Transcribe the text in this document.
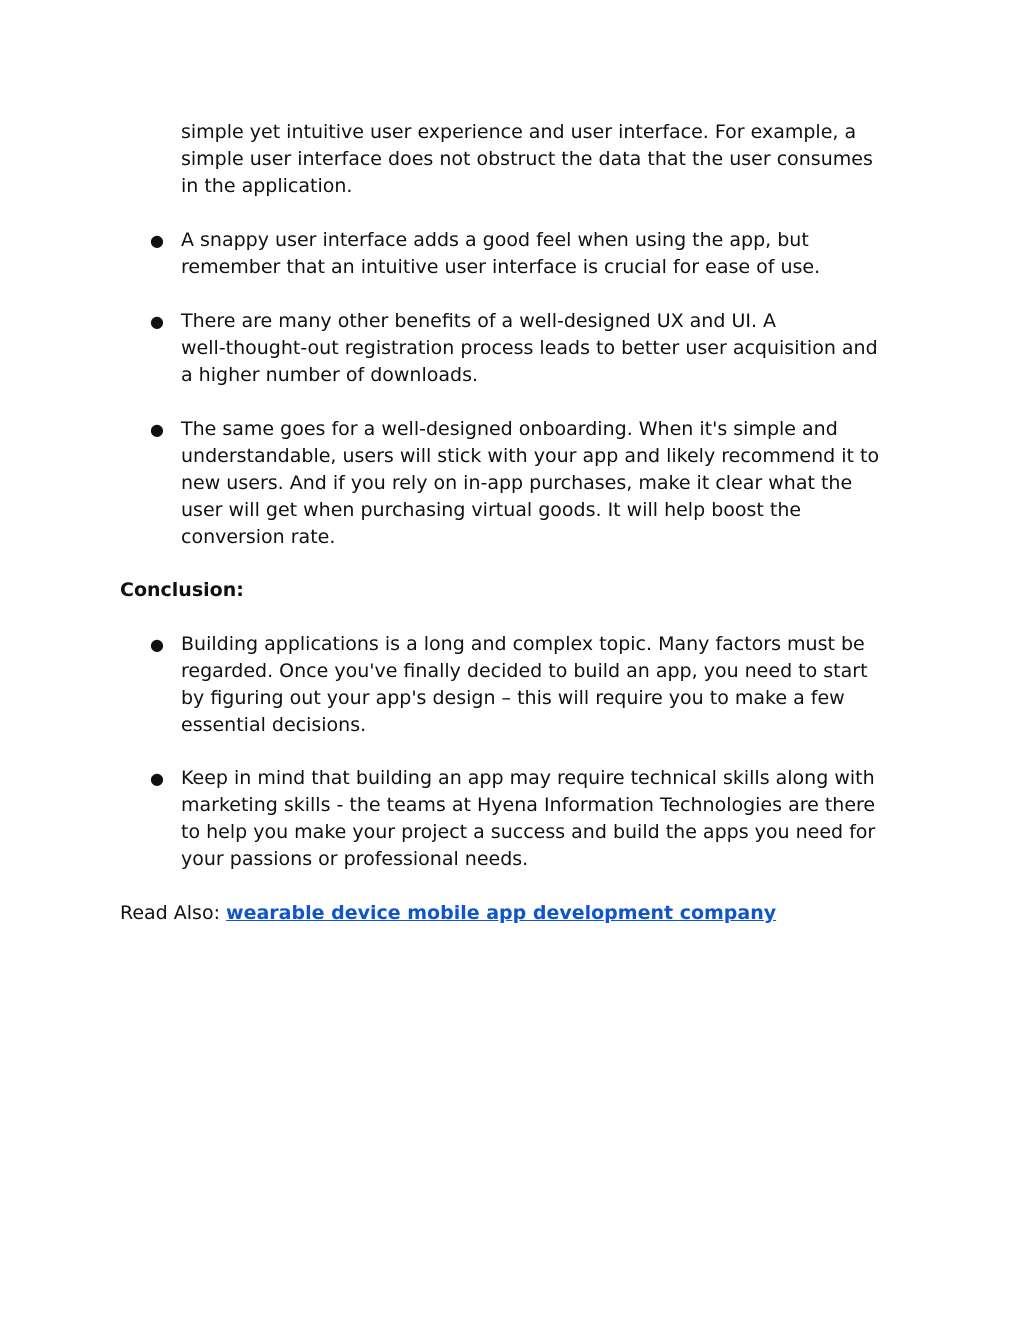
simple yet intuitive user experience and user interface. For example, a
simple user interface does not obstruct the data that the user consumes
in the application.
● A snappy user interface adds a good feel when using the app, but
remember that an intuitive user interface is crucial for ease of use.
● There are many other benefits of a well-designed UX and UI. A
well-thought-out registration process leads to better user acquisition and
a higher number of downloads.
● The same goes for a well-designed onboarding. When it's simple and
understandable, users will stick with your app and likely recommend it to
new users. And if you rely on in-app purchases, make it clear what the
user will get when purchasing virtual goods. It will help boost the
conversion rate.
Conclusion:
● Building applications is a long and complex topic. Many factors must be
regarded. Once you've finally decided to build an app, you need to start
by figuring out your app's design – this will require you to make a few
essential decisions.
● Keep in mind that building an app may require technical skills along with
marketing skills - the teams at Hyena Information Technologies are there
to help you make your project a success and build the apps you need for
your passions or professional needs.
Read Also: wearable device mobile app development company
